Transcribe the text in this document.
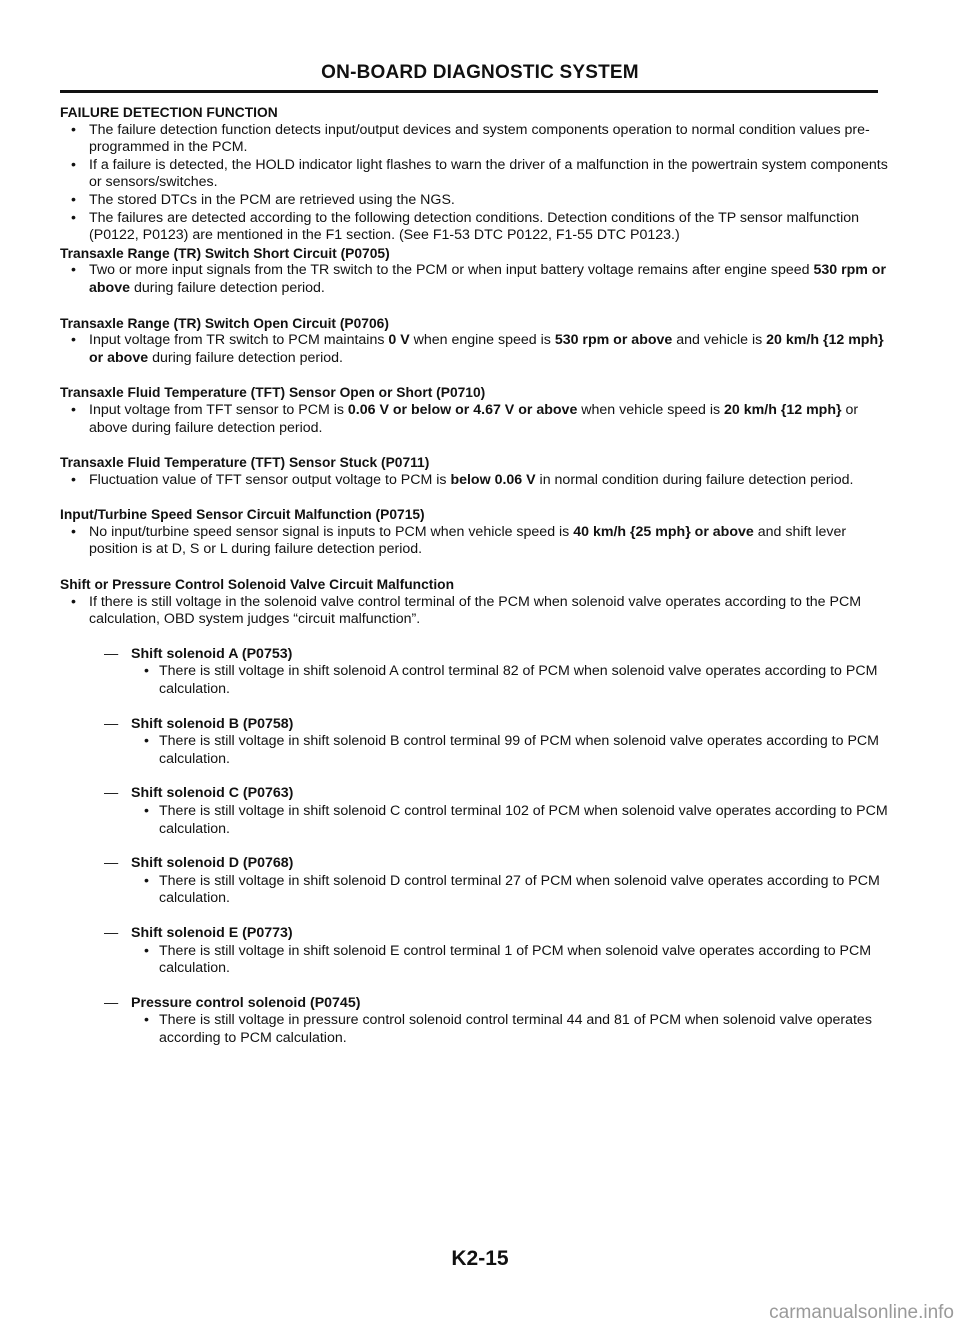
ON-BOARD DIAGNOSTIC SYSTEM
FAILURE DETECTION FUNCTION
• The failure detection function detects input/output devices and system components operation to normal condition values pre-programmed in the PCM.
• If a failure is detected, the HOLD indicator light flashes to warn the driver of a malfunction in the powertrain system components or sensors/switches.
• The stored DTCs in the PCM are retrieved using the NGS.
• The failures are detected according to the following detection conditions. Detection conditions of the TP sensor malfunction (P0122, P0123) are mentioned in the F1 section. (See F1-53 DTC P0122, F1-55 DTC P0123.)
Transaxle Range (TR) Switch Short Circuit (P0705)
• Two or more input signals from the TR switch to the PCM or when input battery voltage remains after engine speed 530 rpm or above during failure detection period.
Transaxle Range (TR) Switch Open Circuit (P0706)
• Input voltage from TR switch to PCM maintains 0 V when engine speed is 530 rpm or above and vehicle is 20 km/h {12 mph} or above during failure detection period.
Transaxle Fluid Temperature (TFT) Sensor Open or Short (P0710)
• Input voltage from TFT sensor to PCM is 0.06 V or below or 4.67 V or above when vehicle speed is 20 km/h {12 mph} or above during failure detection period.
Transaxle Fluid Temperature (TFT) Sensor Stuck (P0711)
• Fluctuation value of TFT sensor output voltage to PCM is below 0.06 V in normal condition during failure detection period.
Input/Turbine Speed Sensor Circuit Malfunction (P0715)
• No input/turbine speed sensor signal is inputs to PCM when vehicle speed is 40 km/h {25 mph} or above and shift lever position is at D, S or L during failure detection period.
Shift or Pressure Control Solenoid Valve Circuit Malfunction
• If there is still voltage in the solenoid valve control terminal of the PCM when solenoid valve operates according to the PCM calculation, OBD system judges “circuit malfunction”.
— Shift solenoid A (P0753)
• There is still voltage in shift solenoid A control terminal 82 of PCM when solenoid valve operates according to PCM calculation.
— Shift solenoid B (P0758)
• There is still voltage in shift solenoid B control terminal 99 of PCM when solenoid valve operates according to PCM calculation.
— Shift solenoid C (P0763)
• There is still voltage in shift solenoid C control terminal 102 of PCM when solenoid valve operates according to PCM calculation.
— Shift solenoid D (P0768)
• There is still voltage in shift solenoid D control terminal 27 of PCM when solenoid valve operates according to PCM calculation.
— Shift solenoid E (P0773)
• There is still voltage in shift solenoid E control terminal 1 of PCM when solenoid valve operates according to PCM calculation.
— Pressure control solenoid (P0745)
• There is still voltage in pressure control solenoid control terminal 44 and 81 of PCM when solenoid valve operates according to PCM calculation.
K2-15
carmanualsonline.info
